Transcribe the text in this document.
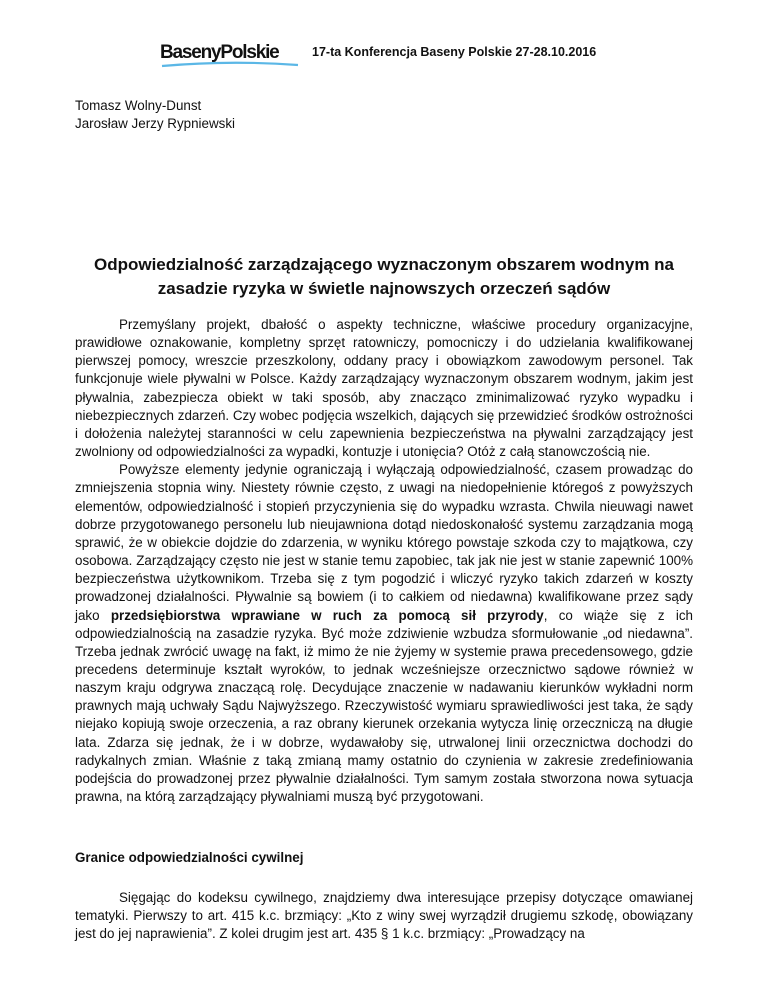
BasenyPolskie	17-ta Konferencja Baseny Polskie 27-28.10.2016
Tomasz Wolny-Dunst
Jarosław Jerzy Rypniewski
Odpowiedzialność zarządzającego wyznaczonym obszarem wodnym na
zasadzie ryzyka w świetle najnowszych orzeczeń sądów

Przemyślany projekt, dbałość o aspekty techniczne, właściwe procedury organizacyjne, prawidłowe oznakowanie, kompletny sprzęt ratowniczy, pomocniczy i do udzielania kwalifikowanej pierwszej pomocy, wreszcie przeszkolony, oddany pracy i obowiązkom zawodowym personel. Tak funkcjonuje wiele pływalni w Polsce. Każdy zarządzający wyznaczonym obszarem wodnym, jakim jest pływalnia, zabezpiecza obiekt w taki sposób, aby znacząco zminimalizować ryzyko wypadku i niebezpiecznych zdarzeń. Czy wobec podjęcia wszelkich, dających się przewidzieć środków ostrożności i dołożenia należytej staranności w celu zapewnienia bezpieczeństwa na pływalni zarządzający jest zwolniony od odpowiedzialności za wypadki, kontuzje i utonięcia? Otóż z całą stanowczością nie.

Powyższe elementy jedynie ograniczają i wyłączają odpowiedzialność, czasem prowadząc do zmniejszenia stopnia winy. Niestety równie często, z uwagi na niedopełnienie któregoś z powyższych elementów, odpowiedzialność i stopień przyczynienia się do wypadku wzrasta. Chwila nieuwagi nawet dobrze przygotowanego personelu lub nieujawniona dotąd niedoskonałość systemu zarządzania mogą sprawić, że w obiekcie dojdzie do zdarzenia, w wyniku którego powstaje szkoda czy to majątkowa, czy osobowa. Zarządzający często nie jest w stanie temu zapobiec, tak jak nie jest w stanie zapewnić 100% bezpieczeństwa użytkownikom. Trzeba się z tym pogodzić i wliczyć ryzyko takich zdarzeń w koszty prowadzonej działalności. Pływalnie są bowiem (i to całkiem od niedawna) kwalifikowane przez sądy jako przedsiębiorstwa wprawiane w ruch za pomocą sił przyrody, co wiąże się z ich odpowiedzialnością na zasadzie ryzyka. Być może zdziwienie wzbudza sformułowanie „od niedawna”. Trzeba jednak zwrócić uwagę na fakt, iż mimo że nie żyjemy w systemie prawa precedensowego, gdzie precedens determinuje kształt wyroków, to jednak wcześniejsze orzecznictwo sądowe również w naszym kraju odgrywa znaczącą rolę. Decydujące znaczenie w nadawaniu kierunków wykładni norm prawnych mają uchwały Sądu Najwyższego. Rzeczywistość wymiaru sprawiedliwości jest taka, że sądy niejako kopiują swoje orzeczenia, a raz obrany kierunek orzekania wytycza linię orzeczniczą na długie lata. Zdarza się jednak, że i w dobrze, wydawałoby się, utrwalonej linii orzecznictwa dochodzi do radykalnych zmian. Właśnie z taką zmianą mamy ostatnio do czynienia w zakresie zredefiniowania podejścia do prowadzonej przez pływalnie działalności. Tym samym została stworzona nowa sytuacja prawna, na którą zarządzający pływalniami muszą być przygotowani.

Granice odpowiedzialności cywilnej

Sięgając do kodeksu cywilnego, znajdziemy dwa interesujące przepisy dotyczące omawianej tematyki. Pierwszy to art. 415 k.c. brzmiący: „Kto z winy swej wyrządził drugiemu szkodę, obowiązany jest do jej naprawienia”. Z kolei drugim jest art. 435 § 1 k.c. brzmiący: „Prowadzący na
